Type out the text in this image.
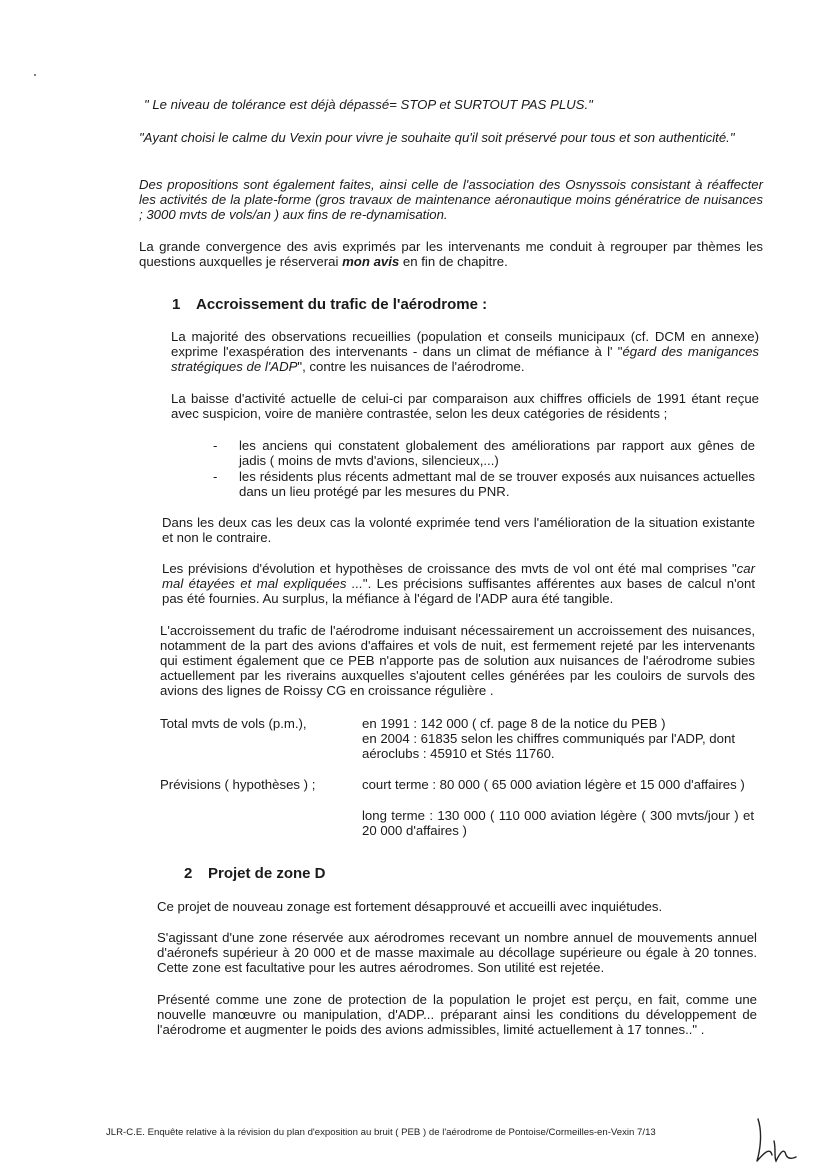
" Le niveau de tolérance est déjà dépassé= STOP et SURTOUT PAS PLUS."

"Ayant choisi le calme du Vexin pour vivre je souhaite qu'il soit préservé pour tous et son authenticité."

Des propositions sont également faites, ainsi celle de l'association des Osnyssois consistant à réaffecter les activités de la plate-forme (gros travaux de maintenance aéronautique moins génératrice de nuisances ; 3000 mvts de vols/an ) aux fins de re-dynamisation.

La grande convergence des avis exprimés par les intervenants me conduit à regrouper par thèmes les questions auxquelles je réserverai mon avis en fin de chapitre.

1 Accroissement du trafic de l'aérodrome :

La majorité des observations recueillies (population et conseils municipaux (cf. DCM en annexe) exprime l'exaspération des intervenants - dans un climat de méfiance à l' "égard des manigances stratégiques de l'ADP", contre les nuisances de l'aérodrome.

La baisse d'activité actuelle de celui-ci par comparaison aux chiffres officiels de 1991 étant reçue avec suspicion, voire de manière contrastée, selon les deux catégories de résidents ;

- les anciens qui constatent globalement des améliorations par rapport aux gênes de jadis ( moins de mvts d'avions, silencieux,...)

- les résidents plus récents admettant mal de se trouver exposés aux nuisances actuelles dans un lieu protégé par les mesures du PNR.

Dans les deux cas les deux cas la volonté exprimée tend vers l'amélioration de la situation existante et non le contraire.

Les prévisions d'évolution et hypothèses de croissance des mvts de vol ont été mal comprises "car mal étayées et mal expliquées ...". Les précisions suffisantes afférentes aux bases de calcul n'ont pas été fournies. Au surplus, la méfiance à l'égard de l'ADP aura été tangible.

L'accroissement du trafic de l'aérodrome induisant nécessairement un accroissement des nuisances, notamment de la part des avions d'affaires et vols de nuit, est fermement rejeté par les intervenants qui estiment également que ce PEB n'apporte pas de solution aux nuisances de l'aérodrome subies actuellement par les riverains auxquelles s'ajoutent celles générées par les couloirs de survols des avions des lignes de Roissy CG en croissance régulière .

Total mvts de vols (p.m.),	en 1991 : 142 000 ( cf. page 8 de la notice du PEB )
en 2004 : 61835 selon les chiffres communiqués par l'ADP, dont aéroclubs : 45910 et Stés 11760.
Prévisions ( hypothèses ) ;	court terme : 80 000 ( 65 000 aviation légère et 15 000 d'affaires )
long terme : 130 000 ( 110 000 aviation légère ( 300 mvts/jour ) et 20 000 d'affaires )
2 Projet de zone D

Ce projet de nouveau zonage est fortement désapprouvé et accueilli avec inquiétudes.

S'agissant d'une zone réservée aux aérodromes recevant un nombre annuel de mouvements annuel d'aéronefs supérieur à 20 000 et de masse maximale au décollage supérieure ou égale à 20 tonnes. Cette zone est facultative pour les autres aérodromes. Son utilité est rejetée.

Présenté comme une zone de protection de la population le projet est perçu, en fait, comme une nouvelle manœuvre ou manipulation, d'ADP... préparant ainsi les conditions du développement de l'aérodrome et augmenter le poids des avions admissibles, limité actuellement à 17 tonnes.." .

JLR-C.E. Enquête relative à la révision du plan d'exposition au bruit ( PEB ) de l'aérodrome de Pontoise/Cormeilles-en-Vexin 7/13
